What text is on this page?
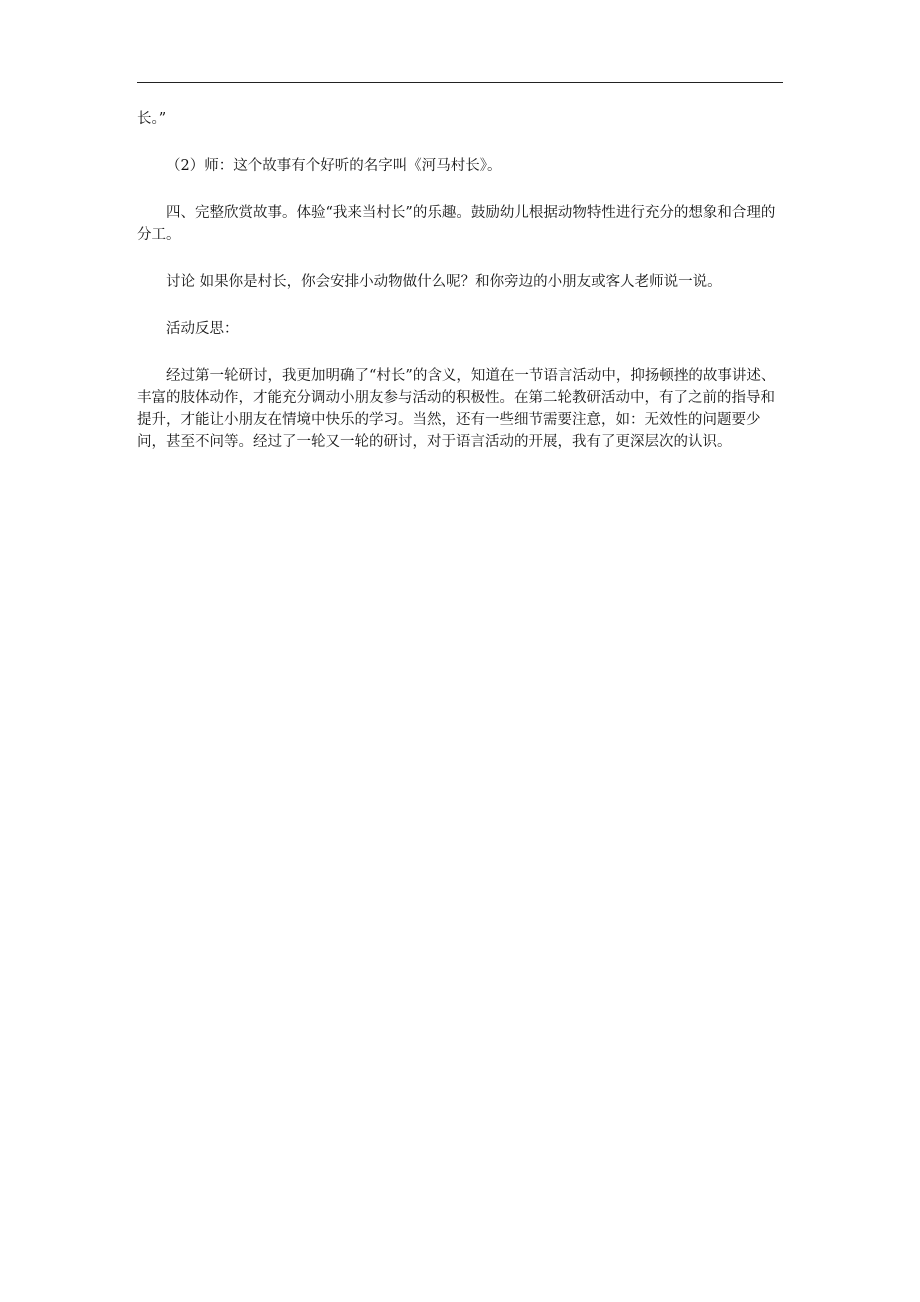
长。”

（2）师：这个故事有个好听的名字叫《河马村长》。

四、完整欣赏故事。体验“我来当村长”的乐趣。鼓励幼儿根据动物特性进行充分的想象和合理的分工。

讨论 如果你是村长，你会安排小动物做什么呢？和你旁边的小朋友或客人老师说一说。

活动反思：

经过第一轮研讨，我更加明确了“村长”的含义，知道在一节语言活动中，抑扬顿挫的故事讲述、丰富的肢体动作，才能充分调动小朋友参与活动的积极性。在第二轮教研活动中，有了之前的指导和提升，才能让小朋友在情境中快乐的学习。当然，还有一些细节需要注意，如：无效性的问题要少问，甚至不问等。经过了一轮又一轮的研讨，对于语言活动的开展，我有了更深层次的认识。
